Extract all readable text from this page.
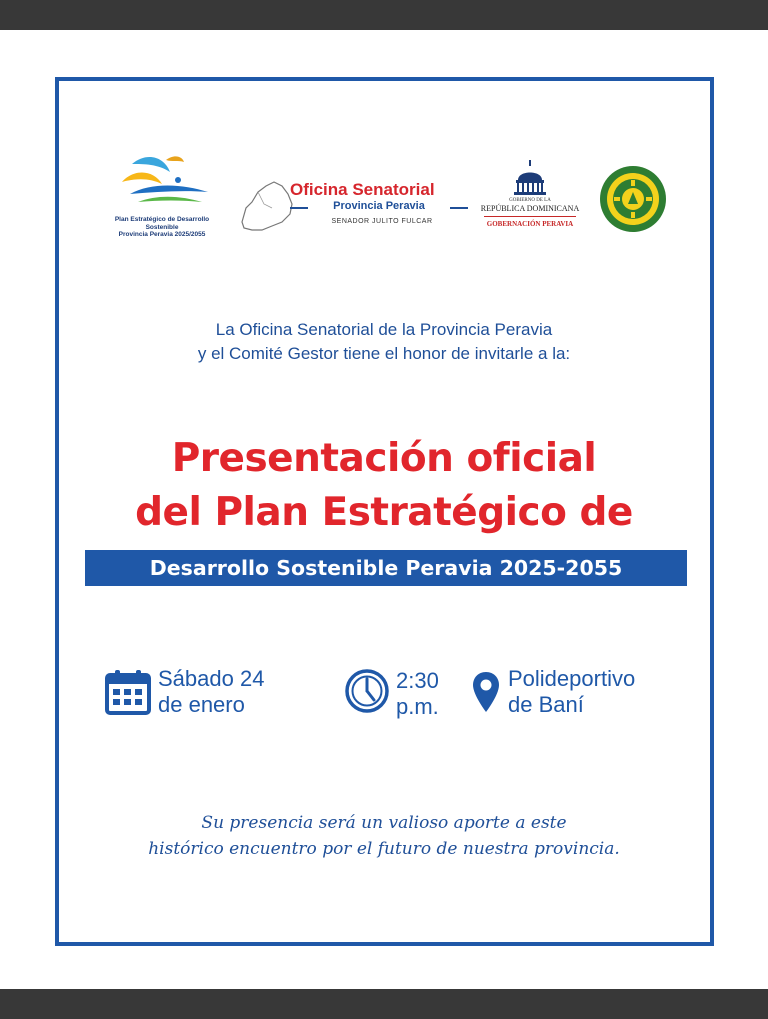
Plan Estratégico de Desarrollo Sostenible
Provincia Peravia 2025/2055
Oficina Senatorial
Provincia Peravia
SENADOR JULITO FULCAR
GOBIERNO DE LA
REPÚBLICA DOMINICANA
GOBERNACIÓN PERAVIA
La Oficina Senatorial de la Provincia Peravia
y el Comité Gestor tiene el honor de invitarle a la:
Presentación oficial
del Plan Estratégico de
Desarrollo Sostenible Peravia 2025-2055
Sábado 24
de enero
2:30
p.m.
Polideportivo
de Baní
Su presencia será un valioso aporte a este
histórico encuentro por el futuro de nuestra provincia.
